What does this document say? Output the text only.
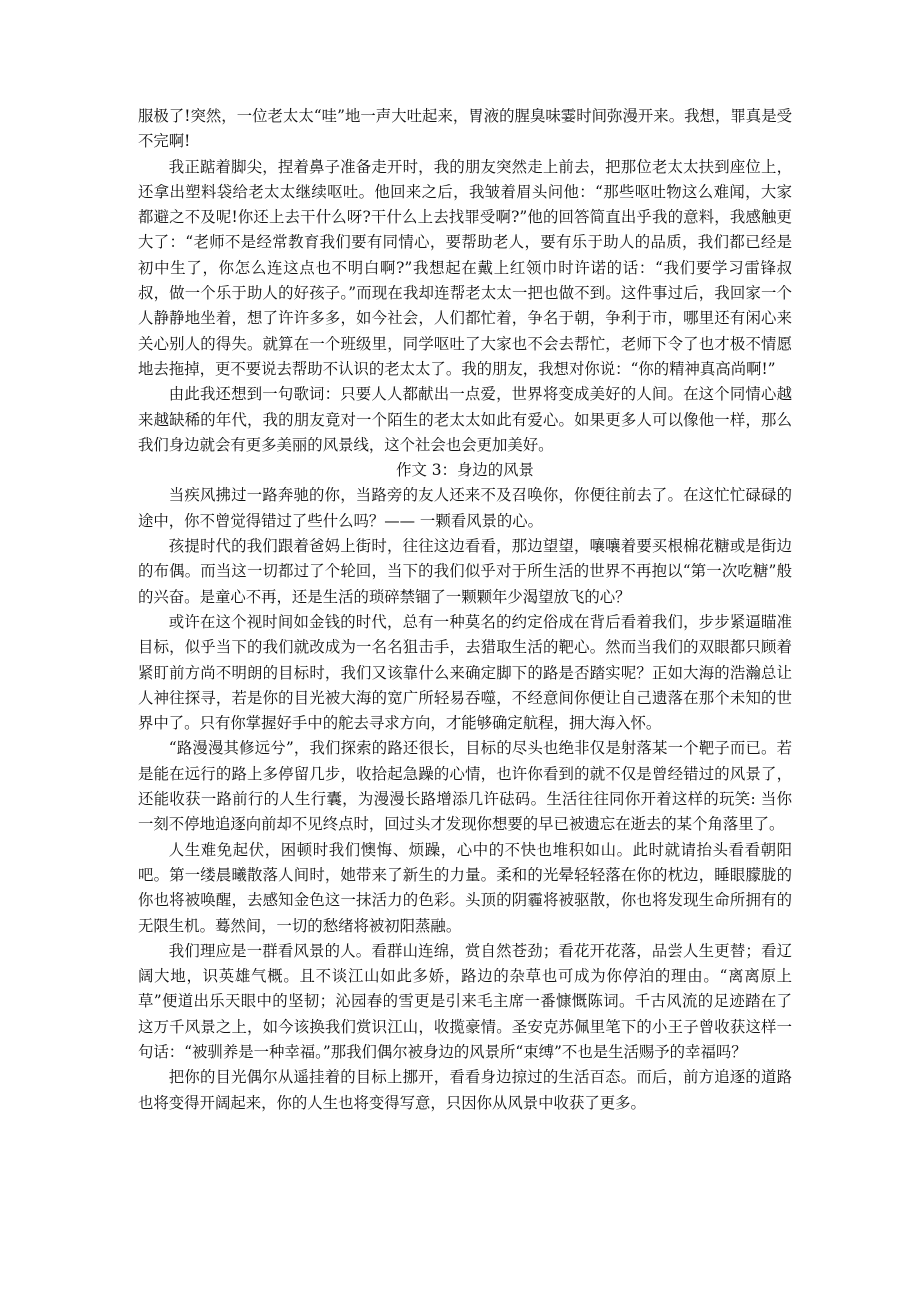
服极了!突然，一位老太太“哇”地一声大吐起来，胃液的腥臭味霎时间弥漫开来。我想，罪真是受不完啊!

我正踮着脚尖，捏着鼻子准备走开时，我的朋友突然走上前去，把那位老太太扶到座位上，还拿出塑料袋给老太太继续呕吐。他回来之后，我皱着眉头问他：“那些呕吐物这么难闻，大家都避之不及呢!你还上去干什么呀?干什么上去找罪受啊?”他的回答简直出乎我的意料，我感触更大了：“老师不是经常教育我们要有同情心，要帮助老人，要有乐于助人的品质，我们都已经是初中生了，你怎么连这点也不明白啊?”我想起在戴上红领巾时许诺的话：“我们要学习雷锋叔叔，做一个乐于助人的好孩子。”而现在我却连帮老太太一把也做不到。这件事过后，我回家一个人静静地坐着，想了许许多多，如今社会，人们都忙着，争名于朝，争利于市，哪里还有闲心来关心别人的得失。就算在一个班级里，同学呕吐了大家也不会去帮忙，老师下令了也才极不情愿地去拖掉，更不要说去帮助不认识的老太太了。我的朋友，我想对你说：“你的精神真高尚啊!”

由此我还想到一句歌词：只要人人都献出一点爱，世界将变成美好的人间。在这个同情心越来越缺稀的年代，我的朋友竟对一个陌生的老太太如此有爱心。如果更多人可以像他一样，那么我们身边就会有更多美丽的风景线，这个社会也会更加美好。

作文 3：身边的风景

当疾风拂过一路奔驰的你，当路旁的友人还来不及召唤你，你便往前去了。在这忙忙碌碌的途中，你不曾觉得错过了些什么吗？—— 一颗看风景的心。

孩提时代的我们跟着爸妈上街时，往往这边看看，那边望望，嚷嚷着要买根棉花糖或是街边的布偶。而当这一切都过了个轮回，当下的我们似乎对于所生活的世界不再抱以“第一次吃糖”般的兴奋。是童心不再，还是生活的琐碎禁锢了一颗颗年少渴望放飞的心？

或许在这个视时间如金钱的时代，总有一种莫名的约定俗成在背后看着我们，步步紧逼瞄准目标，似乎当下的我们就改成为一名名狙击手，去猎取生活的靶心。然而当我们的双眼都只顾着紧盯前方尚不明朗的目标时，我们又该靠什么来确定脚下的路是否踏实呢？正如大海的浩瀚总让人神往探寻，若是你的目光被大海的宽广所轻易吞噬，不经意间你便让自己遗落在那个未知的世界中了。只有你掌握好手中的舵去寻求方向，才能够确定航程，拥大海入怀。

“路漫漫其修远兮”，我们探索的路还很长，目标的尽头也绝非仅是射落某一个靶子而已。若是能在远行的路上多停留几步，收拾起急躁的心情，也许你看到的就不仅是曾经错过的风景了，还能收获一路前行的人生行囊，为漫漫长路增添几许砝码。生活往往同你开着这样的玩笑: 当你一刻不停地追逐向前却不见终点时，回过头才发现你想要的早已被遗忘在逝去的某个角落里了。

人生难免起伏，困顿时我们懊悔、烦躁，心中的不快也堆积如山。此时就请抬头看看朝阳吧。第一缕晨曦散落人间时，她带来了新生的力量。柔和的光晕轻轻落在你的枕边，睡眼朦胧的你也将被唤醒，去感知金色这一抹活力的色彩。头顶的阴霾将被驱散，你也将发现生命所拥有的无限生机。蓦然间，一切的愁绪将被初阳蒸融。

我们理应是一群看风景的人。看群山连绵，赏自然苍劲；看花开花落，品尝人生更替；看辽阔大地，识英雄气概。且不谈江山如此多娇，路边的杂草也可成为你停泊的理由。“离离原上草”便道出乐天眼中的坚韧；沁园春的雪更是引来毛主席一番慷慨陈词。千古风流的足迹踏在了这万千风景之上，如今该换我们赏识江山，收揽豪情。圣安克苏佩里笔下的小王子曾收获这样一句话：“被驯养是一种幸福。”那我们偶尔被身边的风景所“束缚”不也是生活赐予的幸福吗？

把你的目光偶尔从遥挂着的目标上挪开，看看身边掠过的生活百态。而后，前方追逐的道路也将变得开阔起来，你的人生也将变得写意，只因你从风景中收获了更多。
